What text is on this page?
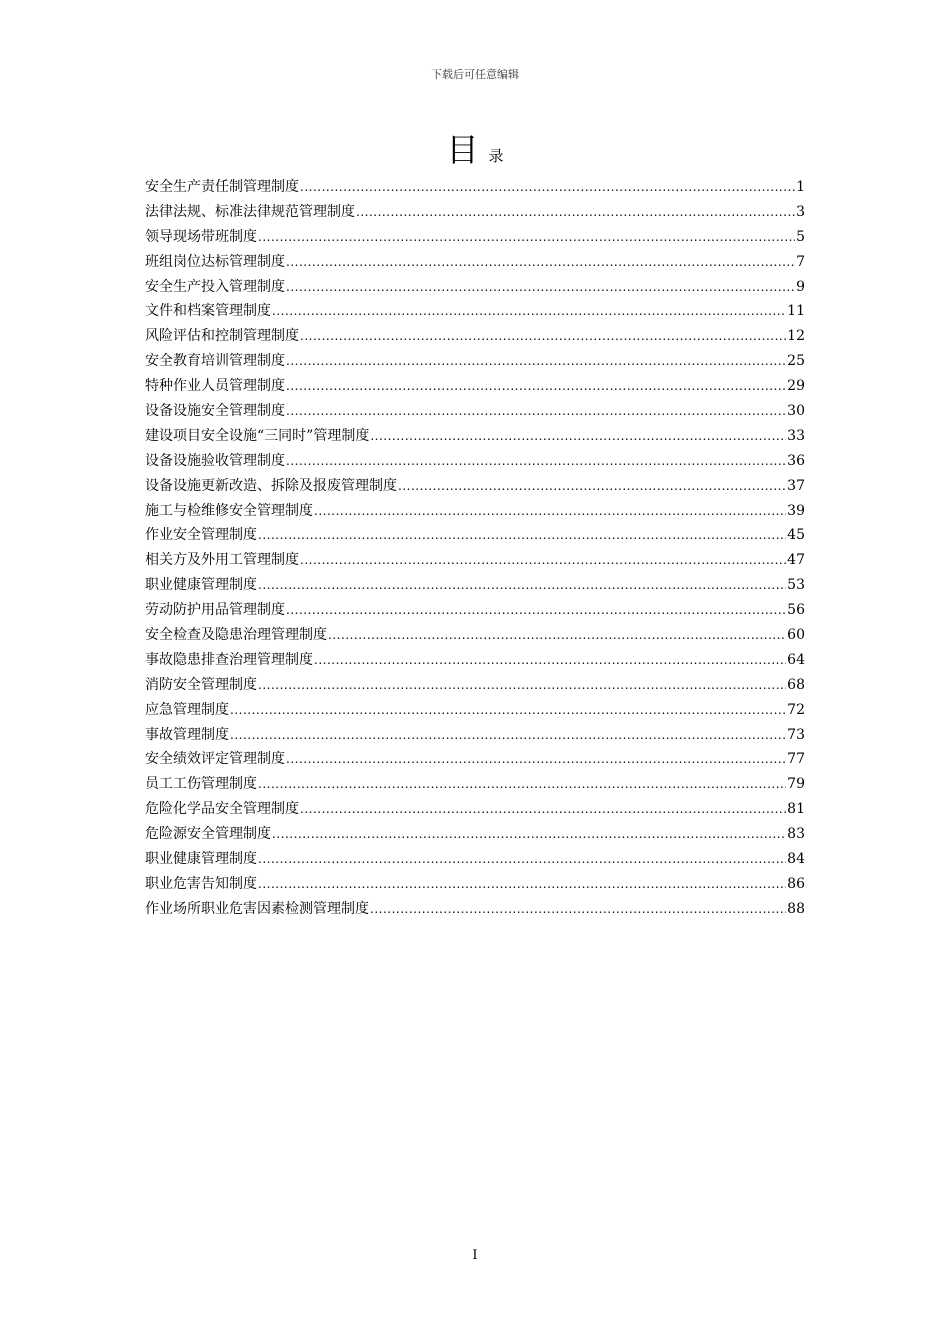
下载后可任意编辑
目录
安全生产责任制管理制度 .....	1
法律法规、标准法律规范管理制度 .....	3
领导现场带班制度 .....	5
班组岗位达标管理制度 .....	7
安全生产投入管理制度 .....	9
文件和档案管理制度 .....	11
风险评估和控制管理制度 .....	12
安全教育培训管理制度 .....	25
特种作业人员管理制度 .....	29
设备设施安全管理制度 .....	30
建设项目安全设施“三同时”管理制度 .....	33
设备设施验收管理制度 .....	36
设备设施更新改造、拆除及报废管理制度 .....	37
施工与检维修安全管理制度 .....	39
作业安全管理制度 .....	45
相关方及外用工管理制度 .....	47
职业健康管理制度 .....	53
劳动防护用品管理制度 .....	56
安全检查及隐患治理管理制度 .....	60
事故隐患排查治理管理制度 .....	64
消防安全管理制度 .....	68
应急管理制度 .....	72
事故管理制度 .....	73
安全绩效评定管理制度 .....	77
员工工伤管理制度 .....	79
危险化学品安全管理制度 .....	81
危险源安全管理制度 .....	83
职业健康管理制度 .....	84
职业危害告知制度 .....	86
作业场所职业危害因素检测管理制度 .....	88
I
